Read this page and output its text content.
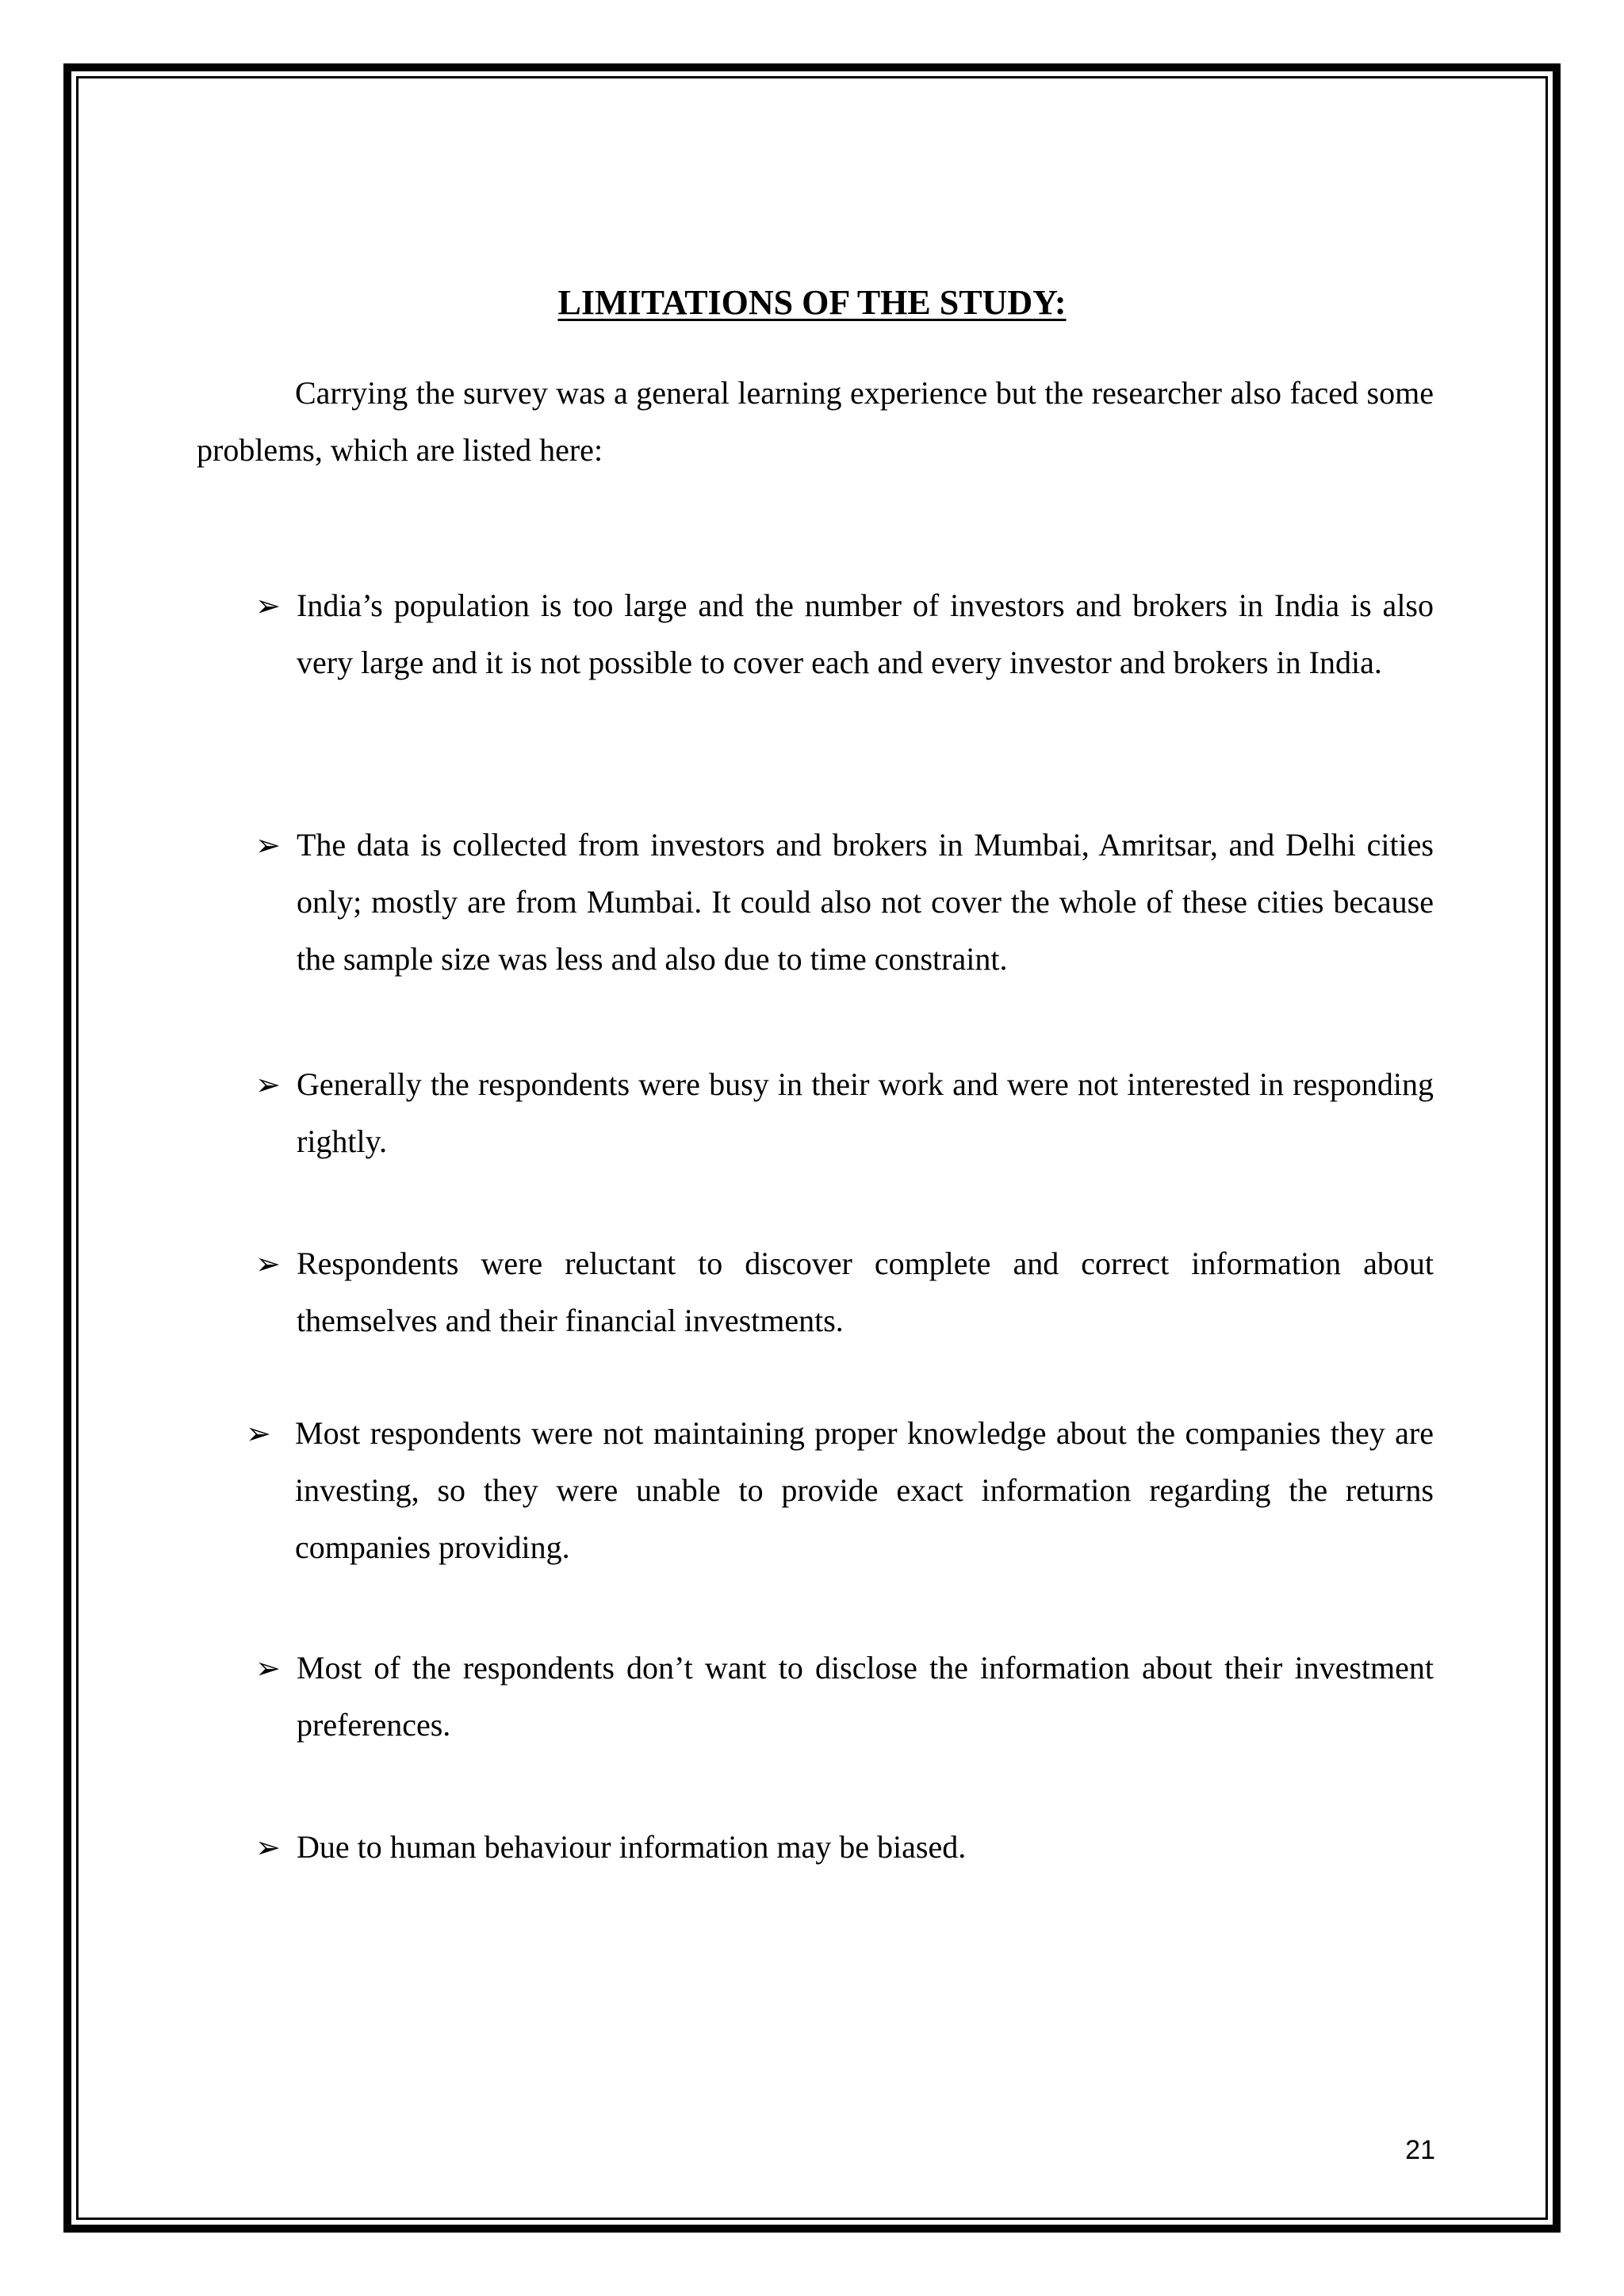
LIMITATIONS OF THE STUDY:

Carrying the survey was a general learning experience but the researcher also faced some problems, which are listed here:

➢ India’s population is too large and the number of investors and brokers in India is also very large and it is not possible to cover each and every investor and brokers in India.

➢ The data is collected from investors and brokers in Mumbai, Amritsar, and Delhi cities only; mostly are from Mumbai. It could also not cover the whole of these cities because the sample size was less and also due to time constraint.

➢ Generally the respondents were busy in their work and were not interested in responding rightly.

➢ Respondents were reluctant to discover complete and correct information about themselves and their financial investments.

➢ Most respondents were not maintaining proper knowledge about the companies they are investing, so they were unable to provide exact information regarding the returns companies providing.

➢ Most of the respondents don’t want to disclose the information about their investment preferences.

➢ Due to human behaviour information may be biased.

21
